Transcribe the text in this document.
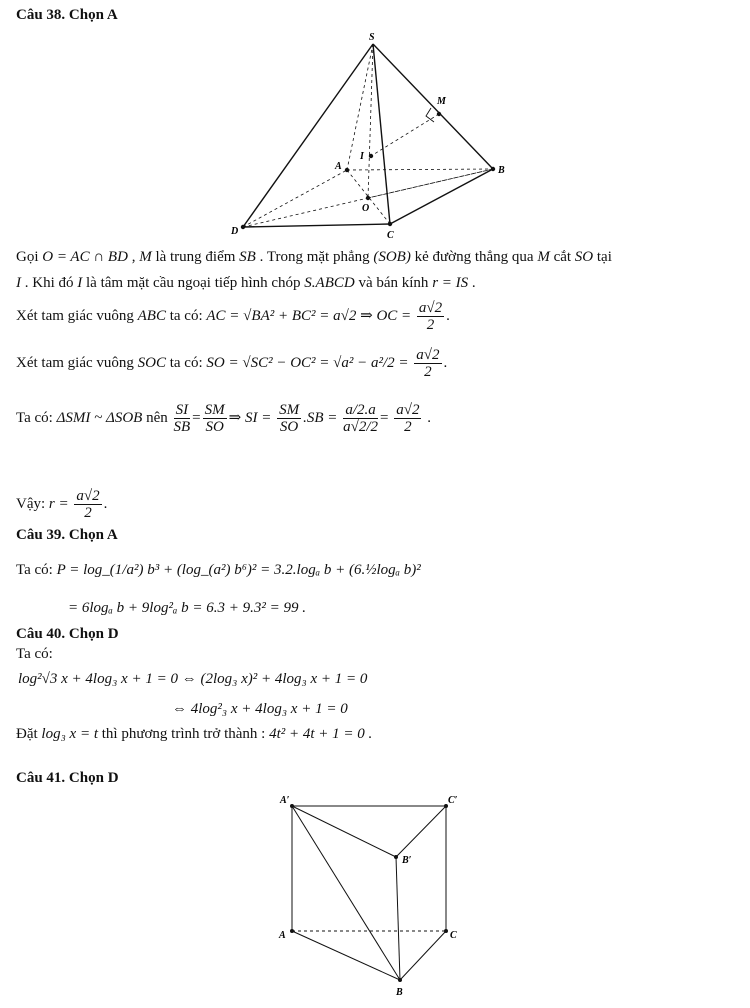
Câu 38. Chọn A
S
M
I
A	B
O
D	C
Gọi O = AC ∩ BD , M là trung điểm SB . Trong mặt phẳng (SOB) kẻ đường thẳng qua M cắt SO tại
I . Khi đó I là tâm mặt cầu ngoại tiếp hình chóp S.ABCD và bán kính r = IS .
Xét tam giác vuông ABC ta có: AC = √BA² + BC² = a√2 ⇒ OC = $\frac{a√2}{2}$ .
Xét tam giác vuông SOC ta có: SO = $√SC^2 - OC^2 = √a^2 - a^2/2 = \frac{a√2}{2}$ .
Ta có: ΔSMI ~ ΔSOB nên $\frac{SI}{SB} = \frac{SM}{SO}$ ⇒ SI = $\frac{SM}{SO} .SB = \frac{a/2.a}{a√2/2} = \frac{a√2}{2}$ .
Vậy: $r = \frac{a√2}{2}$ .
Câu 39. Chọn A
Ta có: P = log_(1/a²) b³ + (log_(a²) b⁶)² = 3.2.logₐ b + (6.½logₐ b)²
= 6logₐ b + 9log²ₐ b = 6.3 + 9.3² = 99 .
Câu 40. Chọn D
Ta có:
log²√3 x + 4log₃ x + 1 = 0 ⇔ (2log₃ x)² + 4log₃ x + 1 = 0
⇔ 4log²₃ x + 4log₃ x + 1 = 0
Đặt log₃ x = t thì phương trình trở thành : 4t² + 4t + 1 = 0 .
Câu 41. Chọn D
A′	C′
B′
A	C
B
